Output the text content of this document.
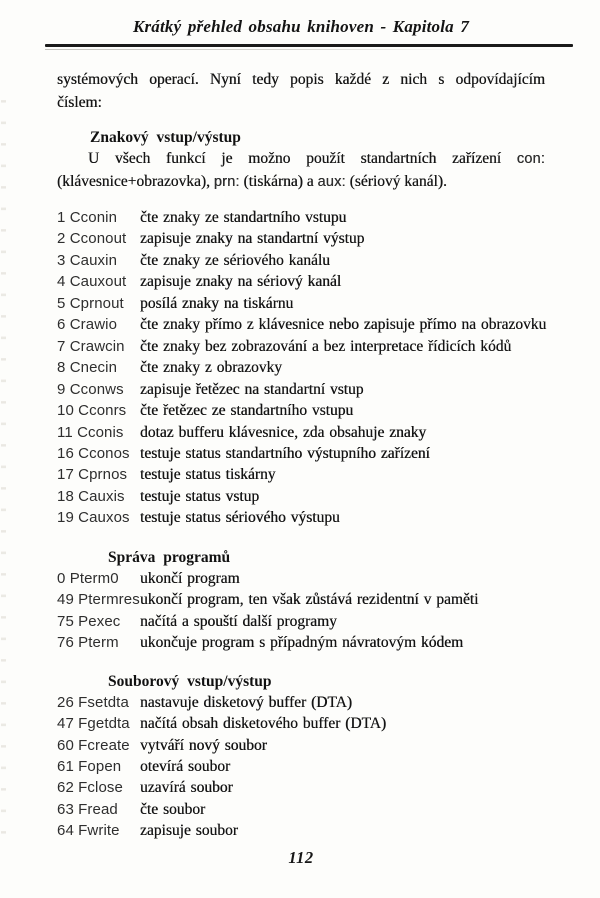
Krátký přehled obsahu knihoven - Kapitola 7
systémových operací. Nyní tedy popis každé z nich s odpovídajícím
číslem:
Znakový vstup/výstup
U všech funkcí je možno použít standartních zařízení con:
(klávesnice+obrazovka), prn: (tiskárna) a aux: (sériový kanál).
1 Cconin	čte znaky ze standartního vstupu
2 Cconout zapisuje znaky na standartní výstup
3 Cauxin	čte znaky ze sériového kanálu
4 Cauxout zapisuje znaky na sériový kanál
5 Cprnout	posílá znaky na tiskárnu
6 Crawio	čte znaky přímo z klávesnice nebo zapisuje přímo na obrazovku
7 Crawcin čte znaky bez zobrazování a bez interpretace řídicích kódů
8 Cnecin	čte znaky z obrazovky
9 Cconws	zapisuje řetězec na standartní vstup
10 Cconrs čte řetězec ze standartního vstupu
11 Cconis	dotaz bufferu klávesnice, zda obsahuje znaky
16 Cconos testuje status standartního výstupního zařízení
17 Cprnos testuje status tiskárny
18 Cauxis testuje status vstup
19 Cauxos testuje status sériového výstupu
Správa programů
0 Pterm0	ukončí program
49 Ptermres ukončí program, ten však zůstává rezidentní v paměti
75 Pexec	načítá a spouští další programy
76 Pterm	ukončuje program s případným návratovým kódem
Souborový vstup/výstup
26 Fsetdta nastavuje disketový buffer (DTA)
47 Fgetdta načítá obsah disketového buffer (DTA)
60 Fcreate vytváří nový soubor
61 Fopen	otevírá soubor
62 Fclose	uzavírá soubor
63 Fread	čte soubor
64 Fwrite	zapisuje soubor
112
